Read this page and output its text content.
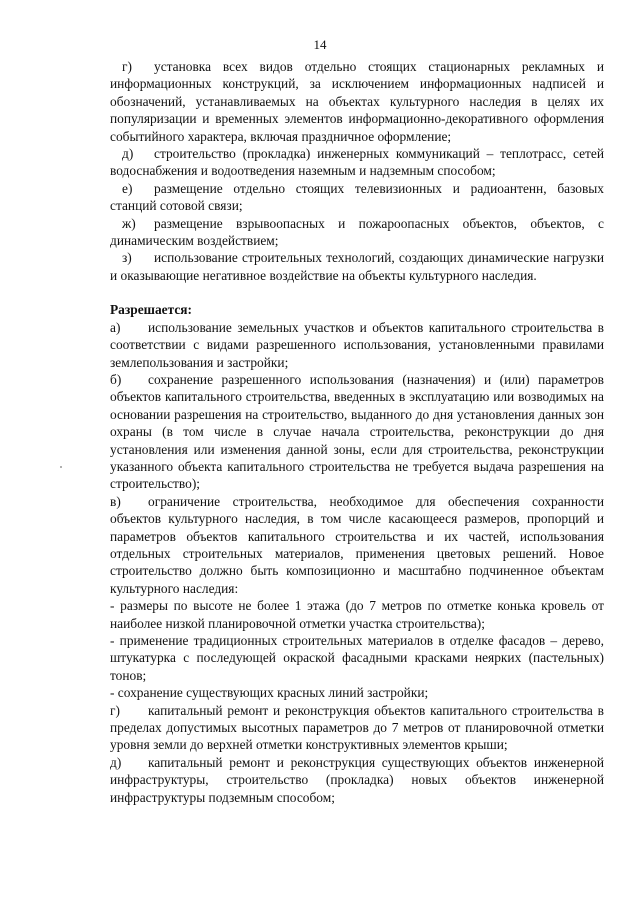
14
г) установка всех видов отдельно стоящих стационарных рекламных и информационных конструкций, за исключением информационных надписей и обозначений, устанавливаемых на объектах культурного наследия в целях их популяризации и временных элементов информационно-декоративного оформления событийного характера, включая праздничное оформление;
д) строительство (прокладка) инженерных коммуникаций – теплотрасс, сетей водоснабжения и водоотведения наземным и надземным способом;
е) размещение отдельно стоящих телевизионных и радиоантенн, базовых станций сотовой связи;
ж) размещение взрывоопасных и пожароопасных объектов, объектов, с динамическим воздействием;
з) использование строительных технологий, создающих динамические нагрузки и оказывающие негативное воздействие на объекты культурного наследия.

Разрешается:

а) использование земельных участков и объектов капитального строительства в соответствии с видами разрешенного использования, установленными правилами землепользования и застройки;
б) сохранение разрешенного использования (назначения) и (или) параметров объектов капитального строительства, введенных в эксплуатацию или возводимых на основании разрешения на строительство, выданного до дня установления данных зон охраны (в том числе в случае начала строительства, реконструкции до дня установления или изменения данной зоны, если для строительства, реконструкции указанного объекта капитального строительства не требуется выдача разрешения на строительство);
в) ограничение строительства, необходимое для обеспечения сохранности объектов культурного наследия, в том числе касающееся размеров, пропорций и параметров объектов капитального строительства и их частей, использования отдельных строительных материалов, применения цветовых решений. Новое строительство должно быть композиционно и масштабно подчиненное объектам культурного наследия:
- размеры по высоте не более 1 этажа (до 7 метров по отметке конька кровель от наиболее низкой планировочной отметки участка строительства);
- применение традиционных строительных материалов в отделке фасадов – дерево, штукатурка с последующей окраской фасадными красками неярких (пастельных) тонов;
- сохранение существующих красных линий застройки;
г) капитальный ремонт и реконструкция объектов капитального строительства в пределах допустимых высотных параметров до 7 метров от планировочной отметки уровня земли до верхней отметки конструктивных элементов крыши;
д) капитальный ремонт и реконструкция существующих объектов инженерной инфраструктуры, строительство (прокладка) новых объектов инженерной инфраструктуры подземным способом;
